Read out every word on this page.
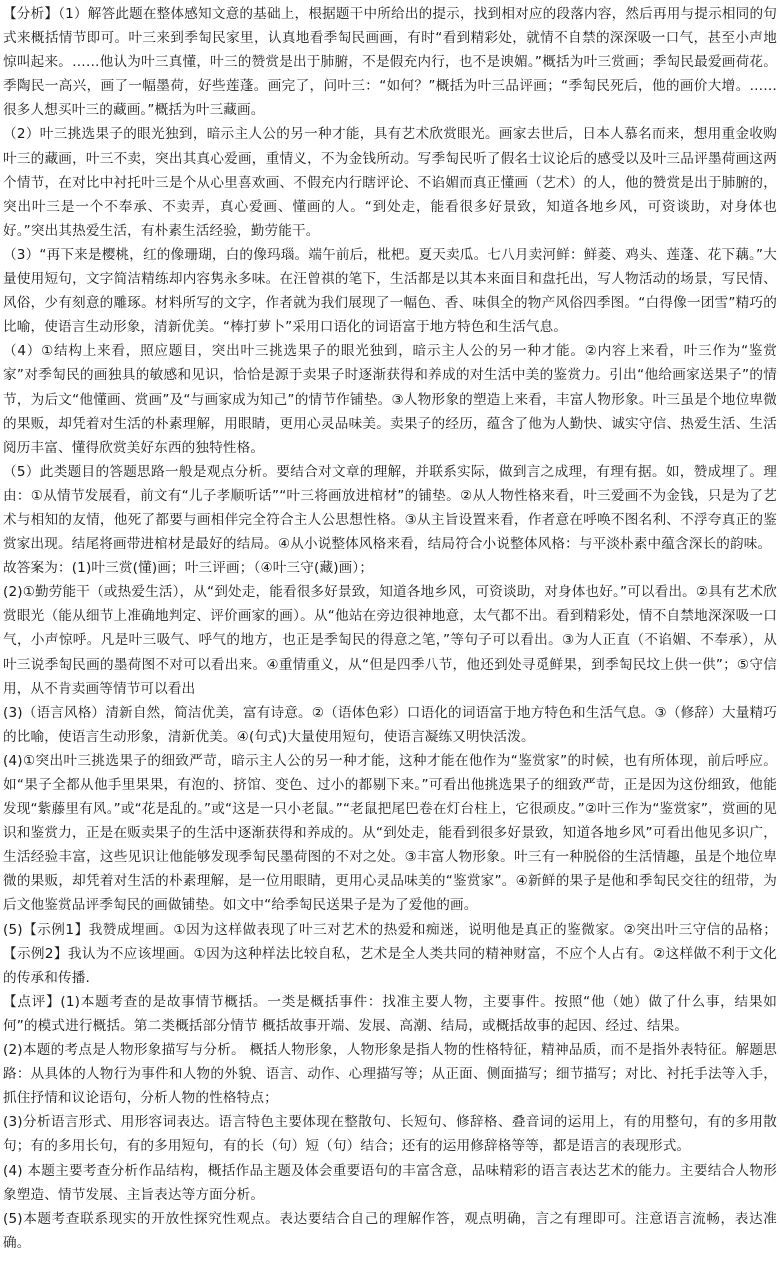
【分析】（1）解答此题在整体感知文意的基础上，根据题干中所给出的提示，找到相对应的段落内容，然后再用与提示相同的句式来概括情节即可。叶三来到季匋民家里，认真地看季匋民画画，有时“看到精彩处，就情不自禁的深深吸一口气，甚至小声地惊叫起来。……他认为叶三真懂，叶三的赞赏是出于肺腑，不是假充内行，也不是谀媚。”概括为叶三赏画；季匋民最爱画荷花。季陶民一高兴，画了一幅墨荷，好些莲蓬。画完了，问叶三：“如何？”概括为叶三品评画；“季匋民死后，他的画价大增。……很多人想买叶三的藏画。”概括为叶三藏画。

（2）叶三挑选果子的眼光独到，暗示主人公的另一种才能，具有艺术欣赏眼光。画家去世后，日本人慕名而来，想用重金收购叶三的藏画，叶三不卖，突出其真心爱画，重情义，不为金钱所动。写季匋民听了假名士议论后的感受以及叶三品评墨荷画这两个情节，在对比中衬托叶三是个从心里喜欢画、不假充内行瞎评论、不谄媚而真正懂画（艺术）的人，他的赞赏是出于肺腑的，突出叶三是一个不奉承、不卖弄，真心爱画、懂画的人。“到处走，能看很多好景致，知道各地乡风，可资谈助，对身体也好。”突出其热爱生活，有朴素生活经验，勤劳能干。

（3）“再下来是樱桃，红的像珊瑚，白的像玛瑙。端午前后，枇杷。夏天卖瓜。七八月卖河鲜：鲜菱、鸡头、莲蓬、花下藕。”大量使用短句，文字简洁精练却内容隽永多味。在汪曾祺的笔下，生活都是以其本来面目和盘托出，写人物活动的场景，写民情、风俗，少有刻意的雕琢。材料所写的文字，作者就为我们展现了一幅色、香、味俱全的物产风俗四季图。“白得像一团雪”精巧的比喻，使语言生动形象，清新优美。“棒打萝卜”采用口语化的词语富于地方特色和生活气息。

（4）①结构上来看，照应题目，突出叶三挑选果子的眼光独到，暗示主人公的另一种才能。②内容上来看，叶三作为“鉴赏家”对季匋民的画独具的敏感和见识，恰恰是源于卖果子时逐渐获得和养成的对生活中美的鉴赏力。引出“他给画家送果子”的情节，为后文“他懂画、赏画”及“与画家成为知己”的情节作铺垫。③人物形象的塑造上来看，丰富人物形象。叶三虽是个地位卑微的果贩，却凭着对生活的朴素理解，用眼睛，更用心灵品味美。卖果子的经历，蕴含了他为人勤快、诚实守信、热爱生活、生活阅历丰富、懂得欣赏美好东西的独特性格。

（5）此类题目的答题思路一般是观点分析。要结合对文章的理解，并联系实际，做到言之成理，有理有据。如，赞成埋了。理由：①从情节发展看，前文有“儿子孝顺听话”“叶三将画放进棺材”的铺垫。②从人物性格来看，叶三爱画不为金钱，只是为了艺术与相知的友情，他死了都要与画相伴完全符合主人公思想性格。③从主旨设置来看，作者意在呼唤不图名利、不浮夸真正的鉴赏家出现。结尾将画带进棺材是最好的结局。④从小说整体风格来看，结局符合小说整体风格：与平淡朴素中蕴含深长的韵味。

故答案为：(1)叶三赏(懂)画；叶三评画；（④叶三守(藏)画）；

(2)①勤劳能干（或热爱生活），从“到处走，能看很多好景致，知道各地乡风，可资谈助，对身体也好。”可以看出。②具有艺术欣赏眼光（能从细节上准确地判定、评价画家的画）。从“他站在旁边很神地意，太气都不出。看到精彩处，情不自禁地深深吸一口气，小声惊呼。凡是叶三吸气、呼气的地方，也正是季匋民的得意之笔，”等句子可以看出。③为人正直（不谄媚、不奉承），从叶三说季匋民画的墨荷图不对可以看出来。④重情重义，从“但是四季八节，他还到处寻觅鲜果，到季匋民坟上供一供”；⑤守信用，从不肯卖画等情节可以看出

(3)（语言风格）清新自然，简洁优美，富有诗意。②（语体色彩）口语化的词语富于地方特色和生活气息。③（修辞）大量精巧的比喻，使语言生动形象，清新优美。④(句式)大量使用短句，使语言凝练又明快活泼。

(4)①突出叶三挑选果子的细致严苛，暗示主人公的另一种才能，这种才能在他作为“鉴赏家”的时候，也有所体现，前后呼应。如“果子全都从他手里果果，有泡的、挤馆、变色、过小的都剔下来。”可看出他挑选果子的细致严苛，正是因为这份细致，他能发现“紫藤里有风。”或“花是乱的。”或“这是一只小老鼠。”“老鼠把尾巴卷在灯台柱上，它很顽皮。”②叶三作为“鉴赏家”，赏画的见识和鉴赏力，正是在贩卖果子的生活中逐渐获得和养成的。从“到处走，能看到很多好景致，知道各地乡风”可看出他见多识广，生活经验丰富，这些见识让他能够发现季匋民墨荷图的不对之处。③丰富人物形象。叶三有一种脱俗的生活情趣，虽是个地位卑微的果贩，却凭着对生活的朴素理解，是一位用眼睛，更用心灵品味美的“鉴赏家”。④新鲜的果子是他和季匋民交往的纽带，为后文他鉴赏品评季匋民的画做铺垫。如文中“给季匋民送果子是为了爱他的画。

(5)【示例1】我赞成埋画。①因为这样做表现了叶三对艺术的热爱和痴迷，说明他是真正的鉴微家。②突出叶三守信的品格；【示例2】我认为不应该埋画。①因为这种样法比较自私，艺术是全人类共同的精神财富，不应个人占有。②这样做不利于文化的传承和传播.

【点评】(1)本题考查的是故事情节概括。一类是概括事件：找准主要人物，主要事件。按照“他（她）做了什么事，结果如何”的模式进行概括。第二类概括部分情节 概括故事开端、发展、高潮、结局，或概括故事的起因、经过、结果。

(2)本题的考点是人物形象描写与分析。 概括人物形象，人物形象是指人物的性格特征，精神品质，而不是指外表特征。解题思路：从具体的人物行为事件和人物的外貌、语言、动作、心理描写等；从正面、侧面描写；细节描写；对比、衬托手法等入手，抓住抒情和议论语句，分析人物的性格特点；

(3)分析语言形式、用形容词表达。语言特色主要体现在整散句、长短句、修辞格、叠音词的运用上，有的用整句，有的多用散句；有的多用长句，有的多用短句，有的长（句）短（句）结合；还有的运用修辞格等等，都是语言的表现形式。

(4) 本题主要考查分析作品结构，概括作品主题及体会重要语句的丰富含意，品味精彩的语言表达艺术的能力。主要结合人物形象塑造、情节发展、主旨表达等方面分析。

(5)本题考查联系现实的开放性探究性观点。表达要结合自己的理解作答，观点明确，言之有理即可。注意语言流畅，表达准确。
